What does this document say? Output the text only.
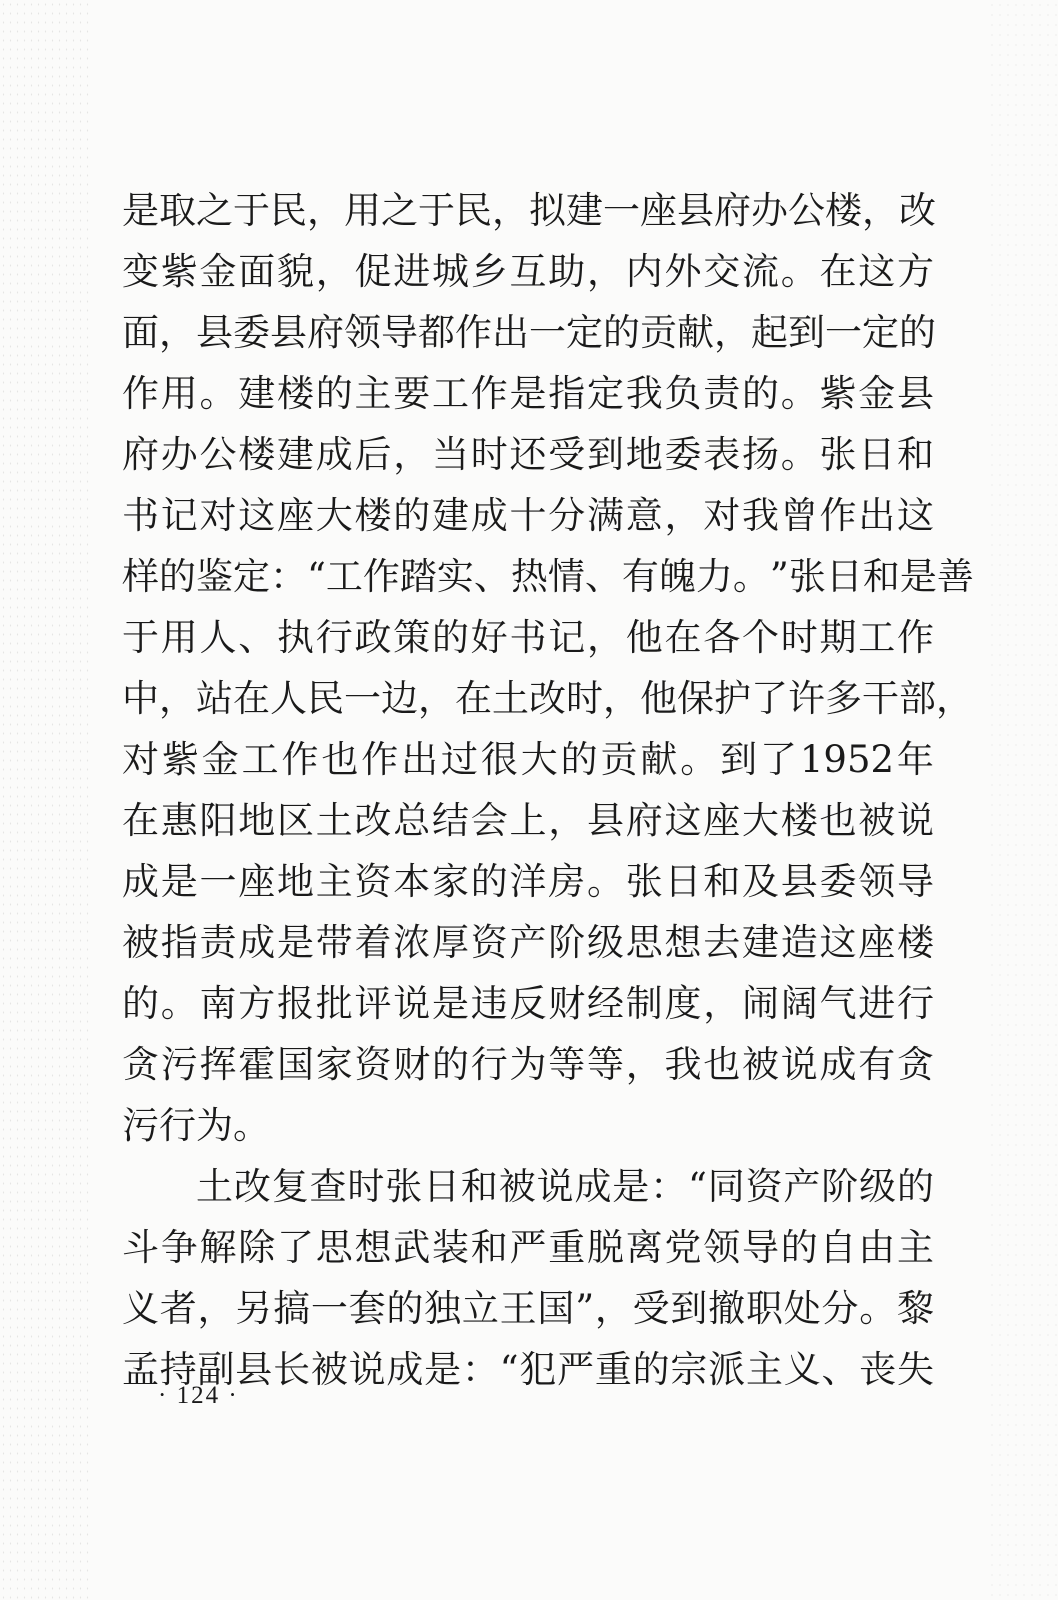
是 取 之 于 民 ， 用 之 于 民 ， 拟 建 一 座 县 府 办 公 楼 ， 改
变 紫 金 面 貌 ， 促 进 城 乡 互 助 ， 内 外 交 流 。 在 这 方
面 ， 县 委 县 府 领 导 都 作 出 一 定 的 贡 献 ， 起 到 一 定 的
作 用 。 建 楼 的 主 要 工 作 是 指 定 我 负 责 的 。 紫 金 县
府 办 公 楼 建 成 后 ， 当 时 还 受 到 地 委 表 扬 。 张 日 和
书 记 对 这 座 大 楼 的 建 成 十 分 满 意 ， 对 我 曾 作 出 这
样 的 鉴 定 ： “ 工 作 踏 实 、 热 情 、 有 魄 力 。 ” 张 日 和 是 善
于 用 人 、 执 行 政 策 的 好 书 记 ， 他 在 各 个 时 期 工 作
中 ， 站 在 人 民 一 边 ， 在 土 改 时 ， 他 保 护 了 许 多 干 部 ，
对 紫 金 工 作 也 作 出 过 很 大 的 贡 献 。 到 了 1952 年
在 惠 阳 地 区 土 改 总 结 会 上 ， 县 府 这 座 大 楼 也 被 说
成 是 一 座 地 主 资 本 家 的 洋 房 。 张 日 和 及 县 委 领 导
被 指 责 成 是 带 着 浓 厚 资 产 阶 级 思 想 去 建 造 这 座 楼
的 。 南 方 报 批 评 说 是 违 反 财 经 制 度 ， 闹 阔 气 进 行
贪 污 挥 霍 国 家 资 财 的 行 为 等 等 ， 我 也 被 说 成 有 贪
污行为。
土 改 复 查 时 张 日 和 被 说 成 是 ： “ 同 资 产 阶 级 的
斗 争 解 除 了 思 想 武 装 和 严 重 脱 离 党 领 导 的 自 由 主
义 者 ， 另 搞 一 套 的 独 立 王 国 ” ， 受 到 撤 职 处 分 。 黎
孟 持 副 县 长 被 说 成 是 ： “ 犯 严 重 的 宗 派 主 义 、 丧 失
· 124 ·
